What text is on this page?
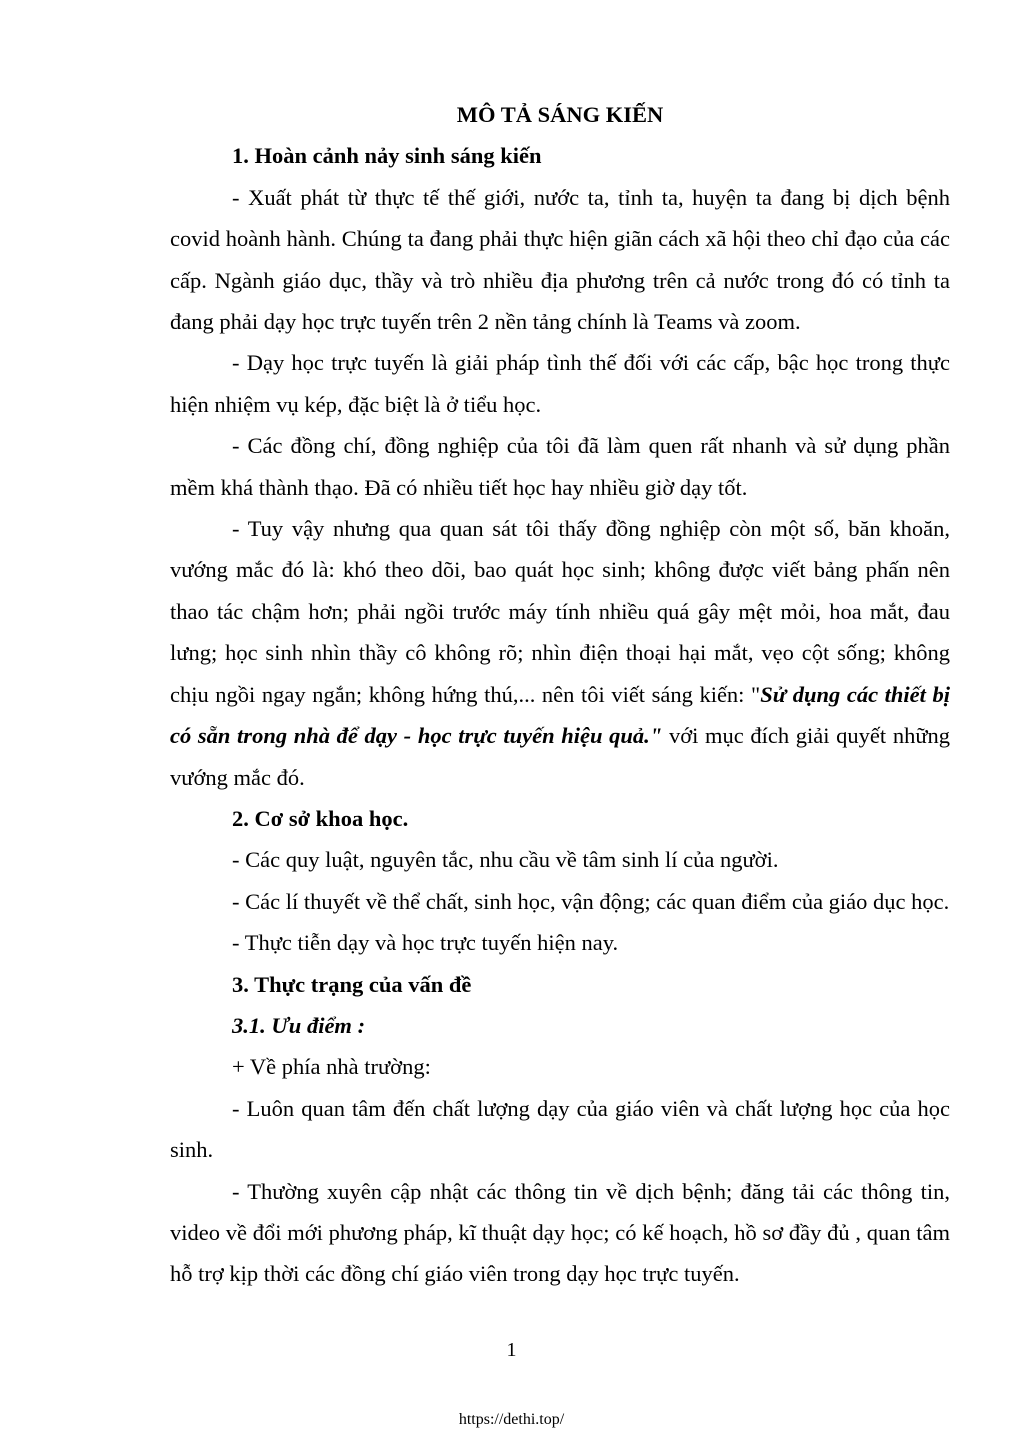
MÔ TẢ SÁNG KIẾN

1. Hoàn cảnh nảy sinh sáng kiến

- Xuất phát từ thực tế thế giới, nước ta, tỉnh ta, huyện ta đang bị dịch bệnh covid hoành hành. Chúng ta đang phải thực hiện giãn cách xã hội theo chỉ đạo của các cấp. Ngành giáo dục, thầy và trò nhiều địa phương trên cả nước trong đó có tỉnh ta đang phải dạy học trực tuyến trên 2 nền tảng chính là Teams và zoom.

- Dạy học trực tuyến là giải pháp tình thế đối với các cấp, bậc học trong thực hiện nhiệm vụ kép, đặc biệt là ở tiểu học.

- Các đồng chí, đồng nghiệp của tôi đã làm quen rất nhanh và sử dụng phần mềm khá thành thạo. Đã có nhiều tiết học hay nhiều giờ dạy tốt.

- Tuy vậy nhưng qua quan sát tôi thấy đồng nghiệp còn một số, băn khoăn, vướng mắc đó là: khó theo dõi, bao quát học sinh; không được viết bảng phấn nên thao tác chậm hơn; phải ngồi trước máy tính nhiều quá gây mệt mỏi, hoa mắt, đau lưng; học sinh nhìn thầy cô không rõ; nhìn điện thoại hại mắt, vẹo cột sống; không chịu ngồi ngay ngắn; không hứng thú,... nên tôi viết sáng kiến: "Sử dụng các thiết bị có sẵn trong nhà để dạy - học trực tuyến hiệu quả." với mục đích giải quyết những vướng mắc đó.

2. Cơ sở khoa học.

- Các quy luật, nguyên tắc, nhu cầu về tâm sinh lí của người.

- Các lí thuyết về thể chất, sinh học, vận động; các quan điểm của giáo dục học.

- Thực tiễn dạy và học trực tuyến hiện nay.

3. Thực trạng của vấn đề

3.1. Ưu điểm :

+ Về phía nhà trường:

- Luôn quan tâm đến chất lượng dạy của giáo viên và chất lượng học của học sinh.

- Thường xuyên cập nhật các thông tin về dịch bệnh; đăng tải các thông tin, video về đổi mới phương pháp, kĩ thuật dạy học; có kế hoạch, hồ sơ đầy đủ , quan tâm hỗ trợ kịp thời các đồng chí giáo viên trong dạy học trực tuyến.

1
https://dethi.top/
